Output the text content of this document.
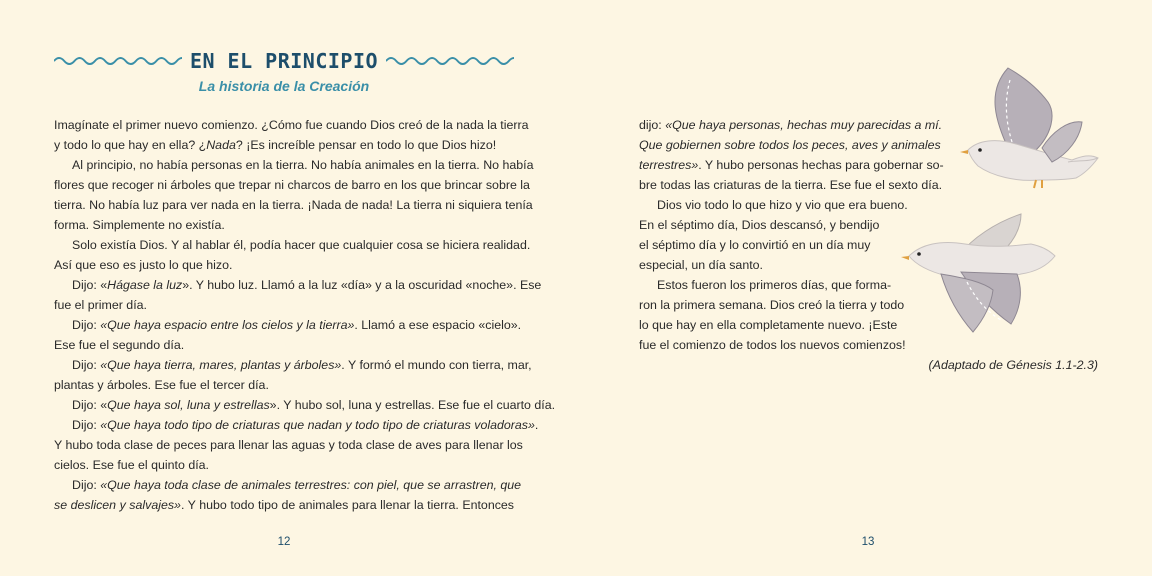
EN EL PRINCIPIO
La historia de la Creación
Imagínate el primer nuevo comienzo. ¿Cómo fue cuando Dios creó de la nada la tierra
y todo lo que hay en ella? ¿Nada? ¡Es increíble pensar en todo lo que Dios hizo!
Al principio, no había personas en la tierra. No había animales en la tierra. No había
flores que recoger ni árboles que trepar ni charcos de barro en los que brincar sobre la
tierra. No había luz para ver nada en la tierra. ¡Nada de nada! La tierra ni siquiera tenía
forma. Simplemente no existía.
Solo existía Dios. Y al hablar él, podía hacer que cualquier cosa se hiciera realidad.
Así que eso es justo lo que hizo.
Dijo: «Hágase la luz». Y hubo luz. Llamó a la luz «día» y a la oscuridad «noche». Ese
fue el primer día.
Dijo: «Que haya espacio entre los cielos y la tierra». Llamó a ese espacio «cielo».
Ese fue el segundo día.
Dijo: «Que haya tierra, mares, plantas y árboles». Y formó el mundo con tierra, mar,
plantas y árboles. Ese fue el tercer día.
Dijo: «Que haya sol, luna y estrellas». Y hubo sol, luna y estrellas. Ese fue el cuarto día.
Dijo: «Que haya todo tipo de criaturas que nadan y todo tipo de criaturas voladoras».
Y hubo toda clase de peces para llenar las aguas y toda clase de aves para llenar los
cielos. Ese fue el quinto día.
Dijo: «Que haya toda clase de animales terrestres: con piel, que se arrastren, que
se deslicen y salvajes». Y hubo todo tipo de animales para llenar la tierra. Entonces
12
dijo: «Que haya personas, hechas muy parecidas a mí.
Que gobiernen sobre todos los peces, aves y animales
terrestres». Y hubo personas hechas para gobernar so-
bre todas las criaturas de la tierra. Ese fue el sexto día.
Dios vio todo lo que hizo y vio que era bueno.
En el séptimo día, Dios descansó, y bendijo
el séptimo día y lo convirtió en un día muy
especial, un día santo.
Estos fueron los primeros días, que forma-
ron la primera semana. Dios creó la tierra y todo
lo que hay en ella completamente nuevo. ¡Este
fue el comienzo de todos los nuevos comienzos!
(Adaptado de Génesis 1.1-2.3)
13
